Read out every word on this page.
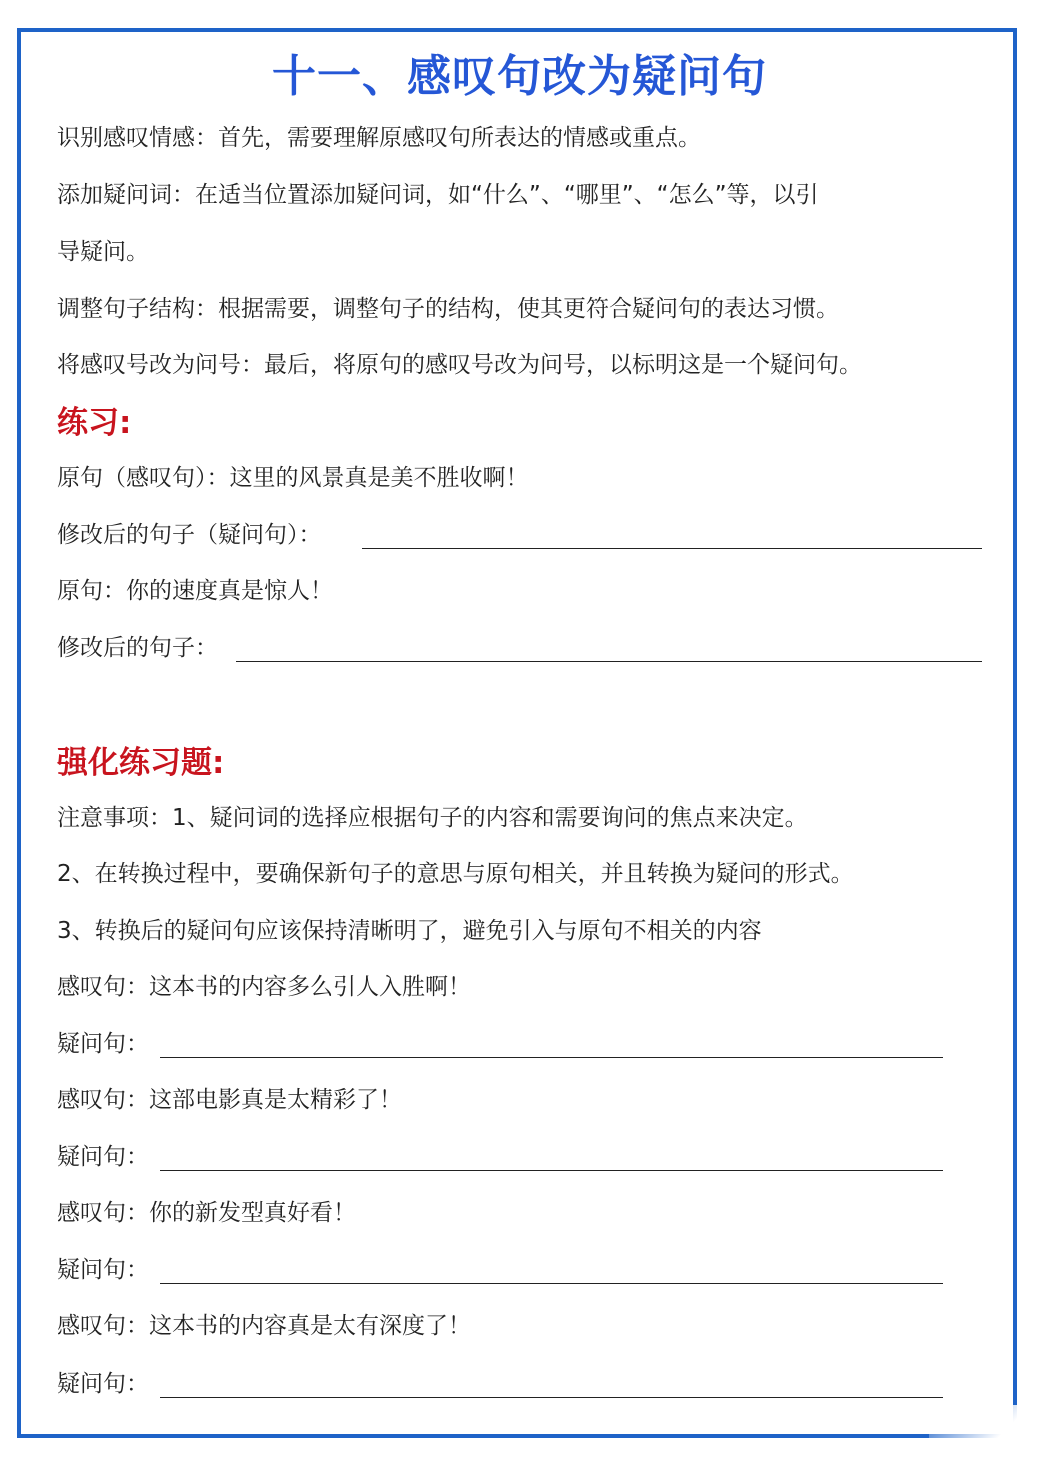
十一、感叹句改为疑问句
识别感叹情感：首先，需要理解原感叹句所表达的情感或重点。
添加疑问词：在适当位置添加疑问词，如“什么”、“哪里”、“怎么”等，以引
导疑问。
调整句子结构：根据需要，调整句子的结构，使其更符合疑问句的表达习惯。
将感叹号改为问号：最后，将原句的感叹号改为问号，以标明这是一个疑问句。
练习:
原句（感叹句）：这里的风景真是美不胜收啊！
修改后的句子（疑问句）：
原句：你的速度真是惊人！
修改后的句子：
强化练习题:
注意事项：1、疑问词的选择应根据句子的内容和需要询问的焦点来决定。
2、在转换过程中，要确保新句子的意思与原句相关，并且转换为疑问的形式。
3、转换后的疑问句应该保持清晰明了，避免引入与原句不相关的内容
感叹句：这本书的内容多么引人入胜啊！
疑问句：
感叹句：这部电影真是太精彩了！
疑问句：
感叹句：你的新发型真好看！
疑问句：
感叹句：这本书的内容真是太有深度了！
疑问句：
